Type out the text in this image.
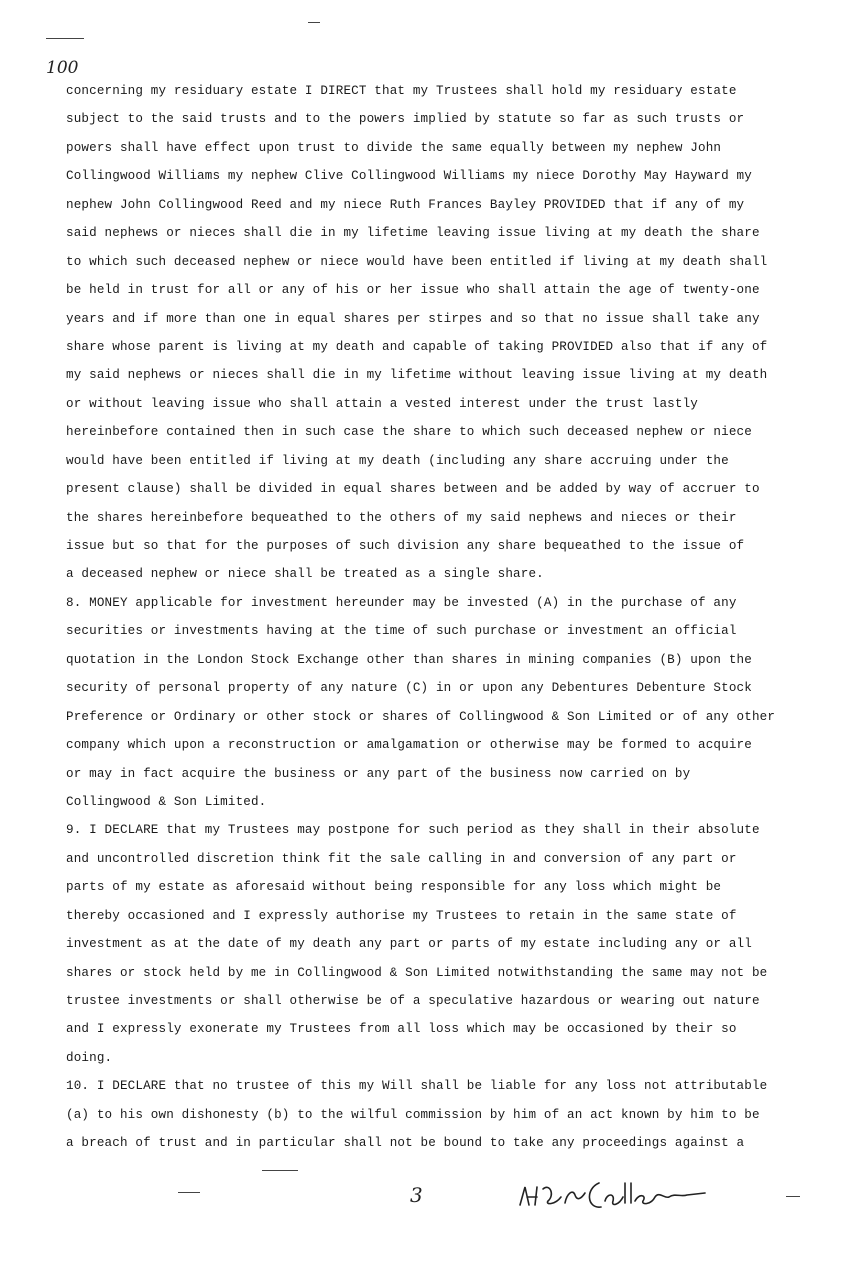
100
concerning my residuary estate I DIRECT that my Trustees shall hold my residuary estate
subject to the said trusts and to the powers implied by statute so far as such trusts or
powers shall have effect upon trust to divide the same equally between my nephew John
Collingwood Williams my nephew Clive Collingwood Williams my niece Dorothy May Hayward my
nephew John Collingwood Reed and my niece Ruth Frances Bayley PROVIDED that if any of my
said nephews or nieces shall die in my lifetime leaving issue living at my death the share
to which such deceased nephew or niece would have been entitled if living at my death shall
be held in trust for all or any of his or her issue who shall attain the age of twenty-one
years and if more than one in equal shares per stirpes and so that no issue shall take any
share whose parent is living at my death and capable of taking PROVIDED also that if any of
my said nephews or nieces shall die in my lifetime without leaving issue living at my death
or without leaving issue who shall attain a vested interest under the trust lastly
hereinbefore contained then in such case the share to which such deceased nephew or niece
would have been entitled if living at my death (including any share accruing under the
present clause) shall be divided in equal shares between and be added by way of accruer to
the shares hereinbefore bequeathed to the others of my said nephews and nieces or their
issue but so that for the purposes of such division any share bequeathed to the issue of
a deceased nephew or niece shall be treated as a single share.
8. MONEY applicable for investment hereunder may be invested (A) in the purchase of any
securities or investments having at the time of such purchase or investment an official
quotation in the London Stock Exchange other than shares in mining companies (B) upon the
security of personal property of any nature (C) in or upon any Debentures Debenture Stock
Preference or Ordinary or other stock or shares of Collingwood & Son Limited or of any other
company which upon a reconstruction or amalgamation or otherwise may be formed to acquire
or may in fact acquire the business or any part of the business now carried on by
Collingwood & Son Limited.
9. I DECLARE that my Trustees may postpone for such period as they shall in their absolute
and uncontrolled discretion think fit the sale calling in and conversion of any part or
parts of my estate as aforesaid without being responsible for any loss which might be
thereby occasioned and I expressly authorise my Trustees to retain in the same state of
investment as at the date of my death any part or parts of my estate including any or all
shares or stock held by me in Collingwood & Son Limited notwithstanding the same may not be
trustee investments or shall otherwise be of a speculative hazardous or wearing out nature
and I expressly exonerate my Trustees from all loss which may be occasioned by their so
doing.
10. I DECLARE that no trustee of this my Will shall be liable for any loss not attributable
(a) to his own dishonesty (b) to the wilful commission by him of an act known by him to be
a breach of trust and in particular shall not be bound to take any proceedings against a
3
